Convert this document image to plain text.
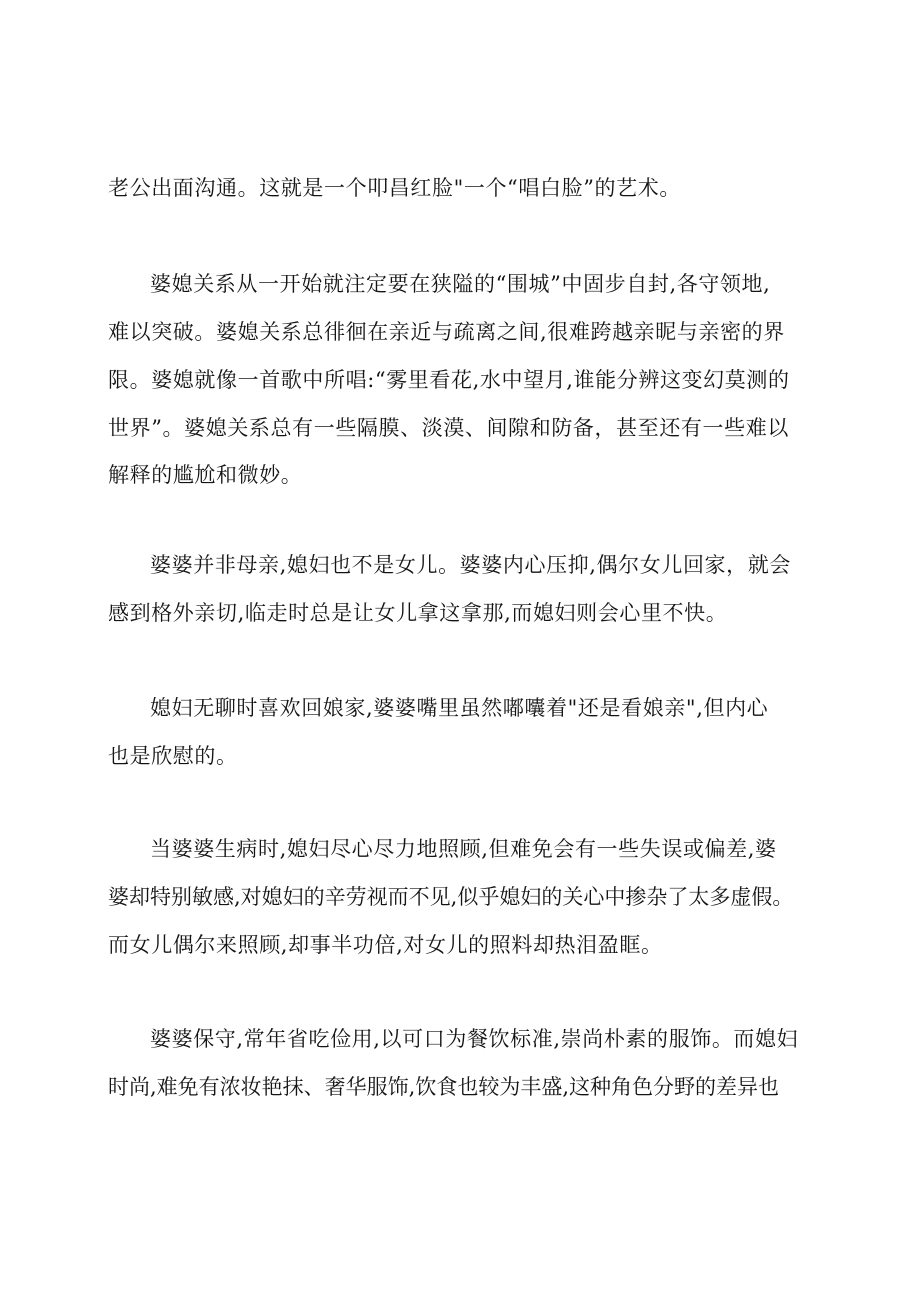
老公出面沟通。这就是一个叩昌红脸"一个“唱白脸”的艺术。
婆媳关系从一开始就注定要在狭隘的“围城”中固步自封,各守领地,
难以突破。婆媳关系总徘徊在亲近与疏离之间,很难跨越亲昵与亲密的界
限。婆媳就像一首歌中所唱:“雾里看花,水中望月,谁能分辨这变幻莫测的
世界”。婆媳关系总有一些隔膜、淡漠、间隙和防备，甚至还有一些难以
解释的尴尬和微妙。
婆婆并非母亲,媳妇也不是女儿。婆婆内心压抑,偶尔女儿回家，就会
感到格外亲切,临走时总是让女儿拿这拿那,而媳妇则会心里不快。
媳妇无聊时喜欢回娘家,婆婆嘴里虽然嘟囔着"还是看娘亲",但内心
也是欣慰的。
当婆婆生病时,媳妇尽心尽力地照顾,但难免会有一些失误或偏差,婆
婆却特别敏感,对媳妇的辛劳视而不见,似乎媳妇的关心中掺杂了太多虚假。
而女儿偶尔来照顾,却事半功倍,对女儿的照料却热泪盈眶。
婆婆保守,常年省吃俭用,以可口为餐饮标准,崇尚朴素的服饰。而媳妇
时尚,难免有浓妆艳抹、奢华服饰,饮食也较为丰盛,这种角色分野的差异也
